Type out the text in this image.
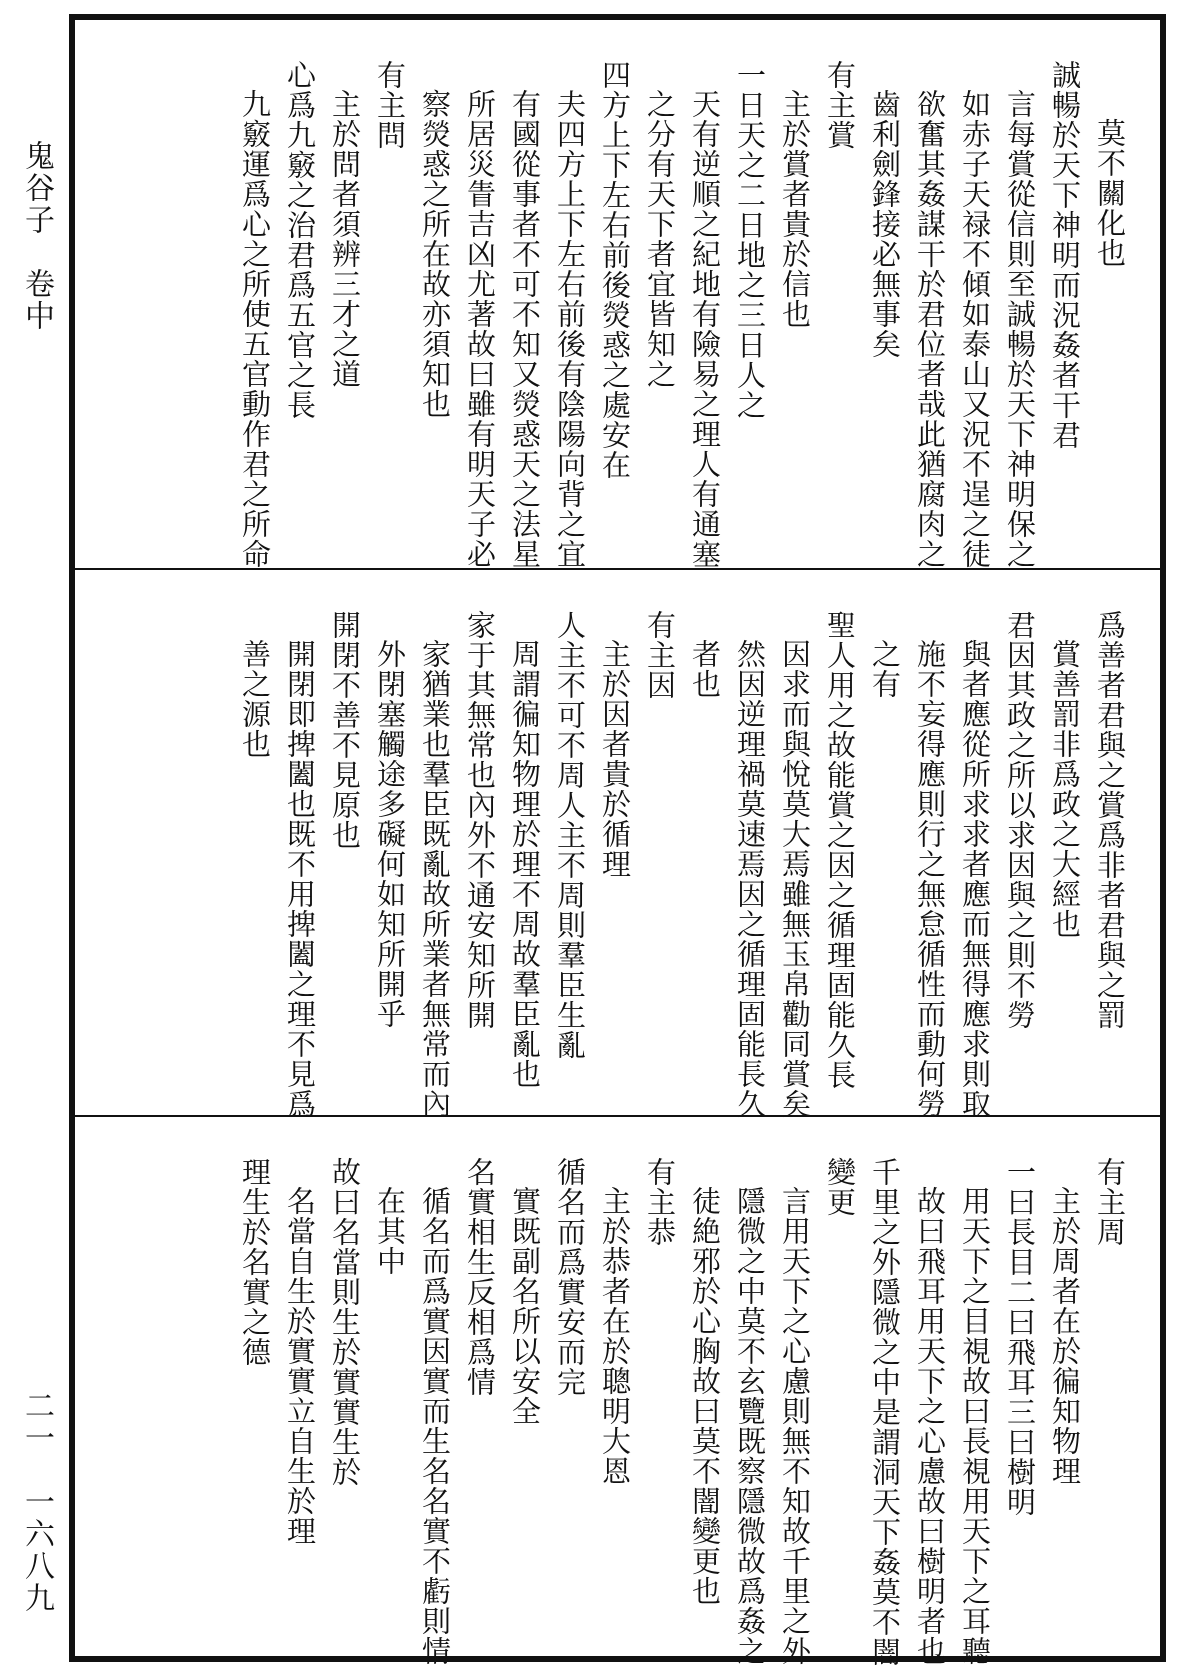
鬼谷子　卷中
二一　一六八九
莫不關化也
誠暢於天下神明而況姦者干君
言每賞從信則至誠暢於天下神明保之
如赤子天禄不傾如泰山又況不逞之徒
欲奮其姦謀干於君位者哉此猶腐肉之
齒利劍鋒接必無事矣
有主賞
主於賞者貴於信也
一日天之二日地之三日人之
天有逆順之紀地有險易之理人有通塞
之分有天下者宜皆知之
四方上下左右前後熒惑之處安在
夫四方上下左右前後有陰陽向背之宜
有國從事者不可不知又熒惑天之法星
所居災眚吉凶尤著故曰雖有明天子必
察熒惑之所在故亦須知也
有主問
主於問者須辨三才之道
心爲九竅之治君爲五官之長
九竅運爲心之所使五官動作君之所命
爲善者君與之賞爲非者君與之罰
賞善罰非爲政之大經也
君因其政之所以求因與之則不勞
與者應從所求求者應而無得應求則取
施不妄得應則行之無怠循性而動何勞
之有
聖人用之故能賞之因之循理固能久長
因求而與悅莫大焉雖無玉帛勸同賞矣
然因逆理禍莫速焉因之循理固能長久
者也
有主因
主於因者貴於循理
人主不可不周人主不周則羣臣生亂
周謂徧知物理於理不周故羣臣亂也
家于其無常也內外不通安知所開
家猶業也羣臣既亂故所業者無常而內
外閉塞觸途多礙何如知所開乎
開閉不善不見原也
開閉即捭闔也既不用捭闔之理不見爲
善之源也
有主周
主於周者在於徧知物理
一曰長目二曰飛耳三曰樹明
用天下之目視故曰長視用天下之耳聽
故曰飛耳用天下之心慮故曰樹明者也
千里之外隱微之中是謂洞天下姦莫不闇
變更
言用天下之心慮則無不知故千里之外
隱微之中莫不玄覽既察隱微故爲姦之
徒絶邪於心胸故曰莫不闇變更也
有主恭
主於恭者在於聰明大恩
循名而爲實安而完
實既副名所以安全
名實相生反相爲情
循名而爲實因實而生名名實不虧則情
在其中
故曰名當則生於實實生於
名當自生於實實立自生於理
理生於名實之德
